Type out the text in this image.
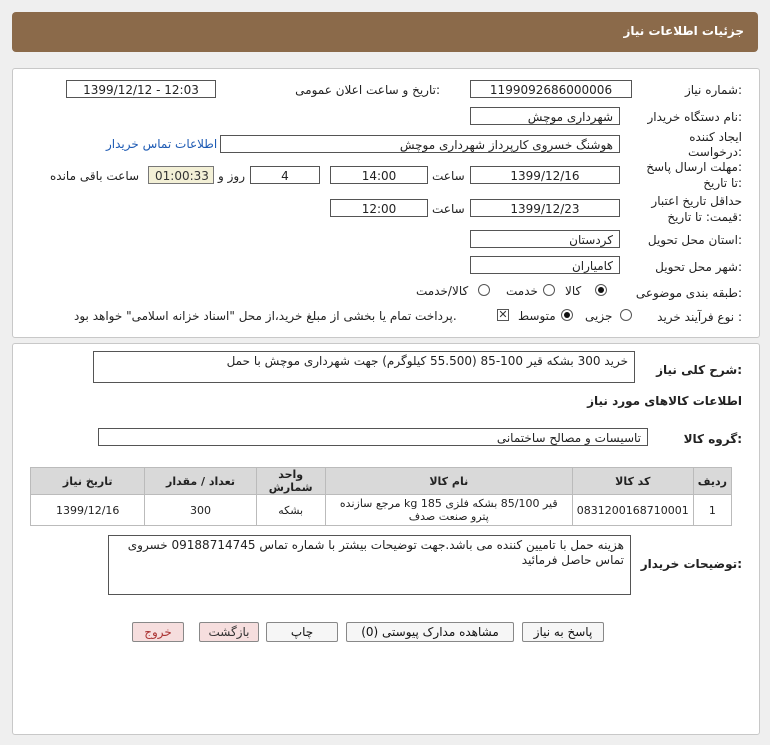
جزئیات اطلاعات نیاز
شماره نیاز:
1199092686000006
تاریخ و ساعت اعلان عمومی:
1399/12/12 - 12:03
نام دستگاه خریدار:
شهرداری موچش
ایجاد کننده
درخواست:
هوشنگ خسروی کارپرداز شهرداری موچش
اطلاعات تماس خریدار
مهلت ارسال پاسخ:
تا تاریخ:
1399/12/16
ساعت
14:00
4
روز و
01:00:33
ساعت باقی مانده
حداقل تاریخ اعتبار
قیمت: تا تاریخ:
1399/12/23
ساعت
12:00
استان محل تحویل:
کردستان
شهر محل تحویل:
کامیاران
طبقه بندی موضوعی:
کالا
خدمت
کالا/خدمت
نوع فرآیند خرید :
جزیی
متوسط
✕
پرداخت تمام یا بخشی از مبلغ خرید،از محل "اسناد خزانه اسلامی" خواهد بود.
شرح کلی نیاز:
خرید 300 بشکه قیر 100-85 (55.500 کیلوگرم) جهت شهرداری موچش با حمل
اطلاعات کالاهای مورد نیاز
گروه کالا:
تاسیسات و مصالح ساختمانی
ردیف	کد کالا	نام کالا	واحد شمارش	تعداد / مقدار	تاریخ نیاز
1	0831200168710001	قیر 85/100 بشکه فلزی kg 185 مرجع سازنده پترو صنعت صدف	بشکه	300	1399/12/16
توضیحات خریدار:
هزینه حمل با تامیین کننده می باشد.جهت توضیحات بیشتر با شماره تماس 09188714745 خسروی تماس حاصل فرمائید
پاسخ به نیاز
مشاهده مدارک پیوستی (0)
چاپ
بازگشت
خروج
